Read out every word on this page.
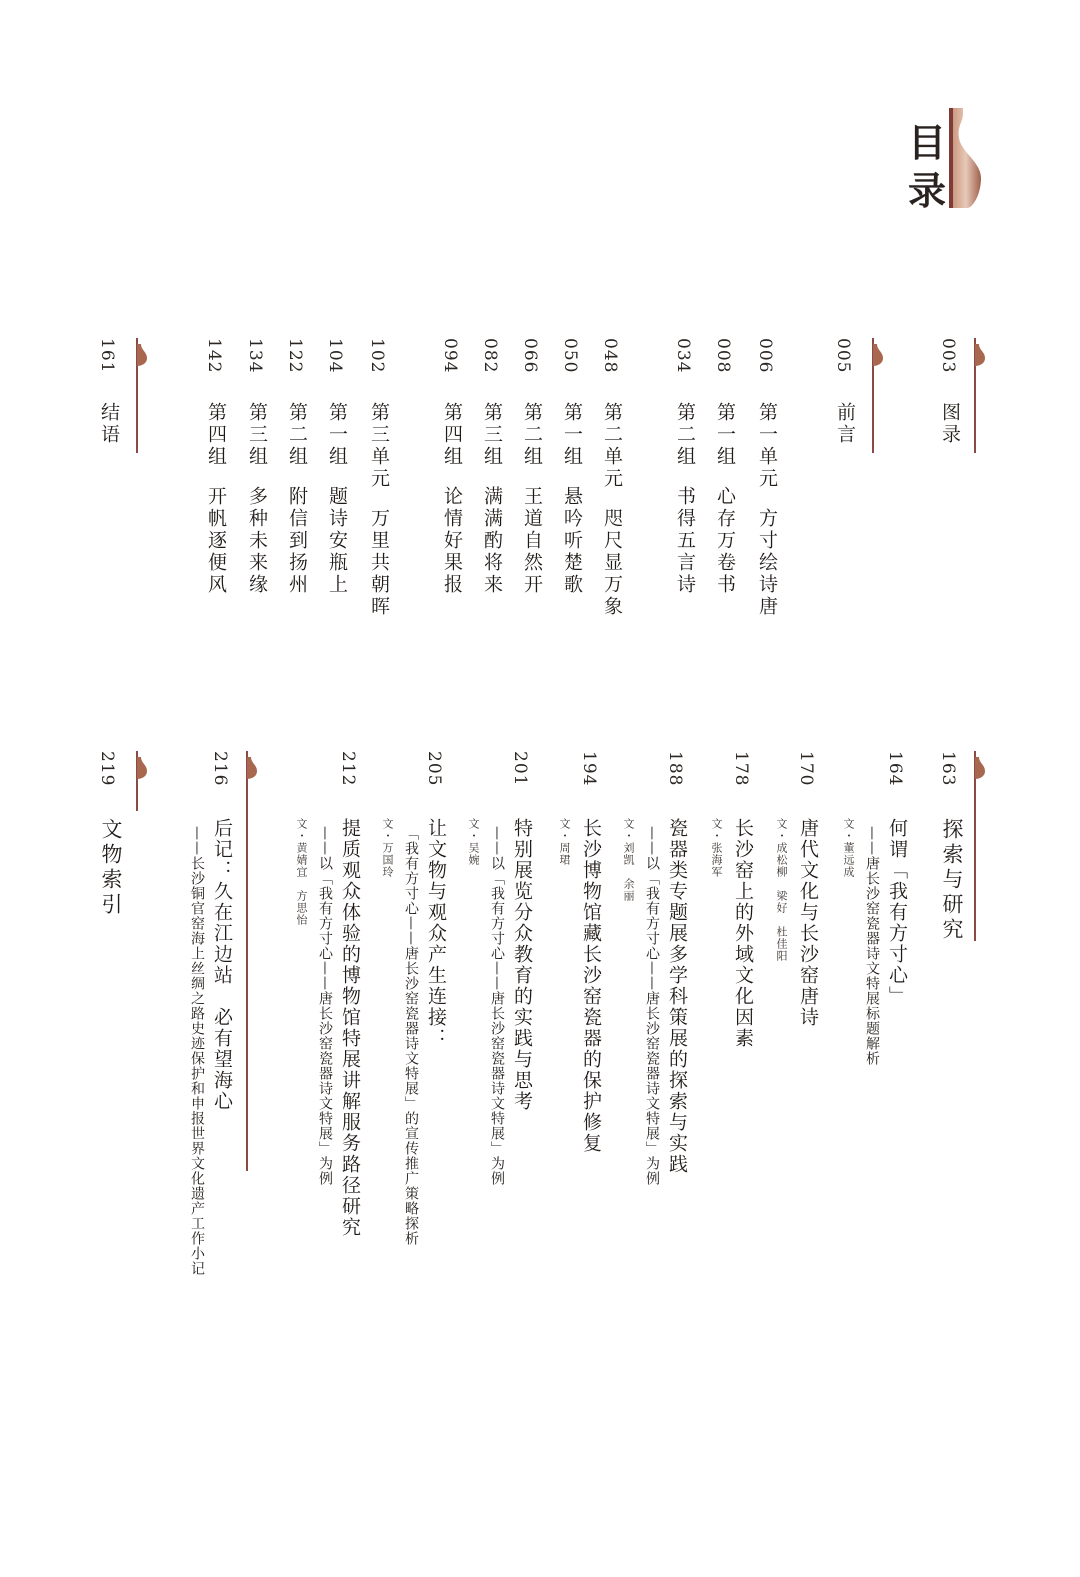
目
录
003
图录
005
前言
006
第一单元方寸绘诗唐
008
第一组心存万卷书
034
第二组书得五言诗
048
第二单元咫尺显万象
050
第一组悬吟听楚歌
066
第二组王道自然开
082
第三组满满酌将来
094
第四组论情好果报
102
第三单元万里共朝晖
104
第一组题诗安瓶上
122
第二组附信到扬州
134
第三组多种未来缘
142
第四组开帆逐便风
161
结语
163
探索与研究
164
何谓「我有方寸心」
——唐长沙窑瓷器诗文特展标题解析
文・董远成
170
唐代文化与长沙窑唐诗
文・成松柳　梁好　杜佳阳
178
长沙窑上的外域文化因素
文・张海军
188
瓷器类专题展多学科策展的探索与实践
——以「我有方寸心——唐长沙窑瓷器诗文特展」为例
文・刘凯　余丽
194
长沙博物馆藏长沙窑瓷器的保护修复
文・周珺
201
特别展览分众教育的实践与思考
——以「我有方寸心——唐长沙窑瓷器诗文特展」为例
文・吴婉
205
让文物与观众产生连接：
「我有方寸心——唐长沙窑瓷器诗文特展」的宣传推广策略探析
文・万国玲
212
提质观众体验的博物馆特展讲解服务路径研究
——以「我有方寸心——唐长沙窑瓷器诗文特展」为例
文・黄婧宜　方思怡
216
后记：久在江边站　必有望海心
——长沙铜官窑海上丝绸之路史迹保护和申报世界文化遗产工作小记
219
文物索引
